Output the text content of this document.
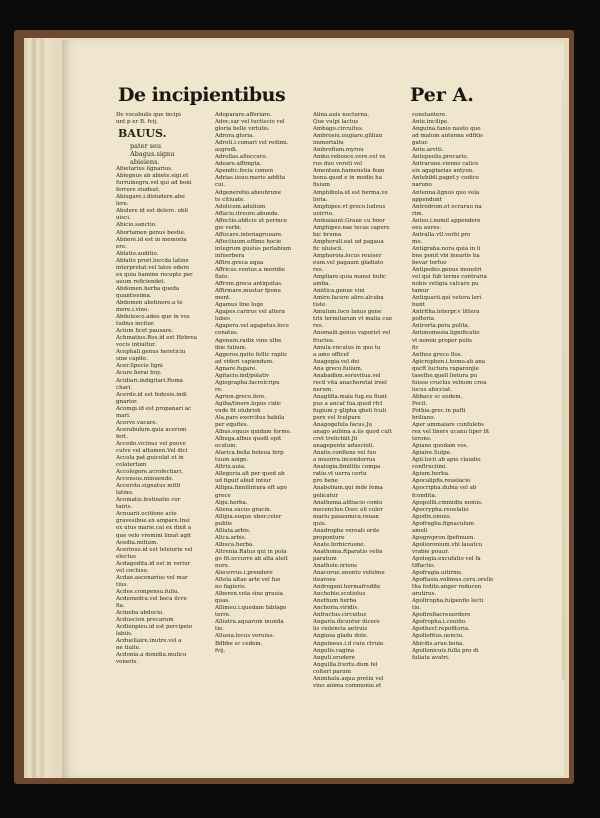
De incipientibus	Per A.
De vocabulis que incipi
unt p er B. fvij.
BAUUS.
pater seu
Abagus.signu
abieiens.
Abietarius lignarius.
Abiegnus ab abiete.sigi.et
furruinegru.vel qui ad boni
ferrere studeat.
Abiugare.i.disiudere.abo
lere.
Abolere id est delere. obli
uisci.
Abicio.sanctio.
Abortamen genus bestie.
Abiiere.id est in memoria
ere.
Ablatio.auditio.
Ablatio prori.loccda latine
interpretat.vel latos odere
ex quia hamine recepte per
auum reficiendet.
Abdomen.herba queda
quantissima.
Abdomen abstinere.a te
mere.i.vino.
Abdolesco.adeo que in vos
tudius incitur.
Acium licet pausare.
Achmatius.Ros.id est Hebrea
vocis intiuitur.
Acephali.genus hereticiu
sine capite.
Acer.Specie ligni
Acare.herai buy.
Acidiari.indigitari.Roma
chari.
Acerdo.id est fedosie.indi
gnarior.
Acomgi.id est propanari ac
mari.
Acerve.vacare.
Acerabulum.quia acerum
fert.
Accedo.vicinus vel pouve
culve vel attamen.Vel dici
Accola pat.guicolat et in
colatertam
Accolegore.acrofectiari.
Accensus.minuendo.
Accersto.signatus mitti
latino.
Acomatis.festinatio cor
tairis.
Acnuarii.ocitione acie
gravesibue.ex ampare.Insi
ex utus marie.cai ex dixit a
que velo vremini limat agit
Acedia.mitium.
Acerinus.id est teleiorie vel
electus
Acdagodita.id est in veriur
vel cocluso.
Acdae.ascenarius vel mar
tius.
Acdee.compensu.fuliu.
Acdemedra.vel boca ilcre
fia.
Acineba abducio.
Acduscion precarum
Acdienpieu.id est percipeio
labiis.
Acduellaire.inutre.vel a
ne tiuile.
Acdonia.a donidia.mulico
veneris.
Adoparare.afferiare.
Adoc.sar vel tuctiscio vel
gloria belle virtulis.
Adrora.gloria.
Adroti.i.comari vel redimi.
asgredi.
Adrollas.afloccuro.
Adeare.affimpta.
Apendic.focia comen
Adrias.iisuo.mario addita
cui.
Adgeneretio.abeubrune
te citiuate.
Adolicem.adulium
Affacio.itreure.abunde.
Affectio.abficio ut perince
gio verbi.
Affucare.interiagruuare.
Affectiuum.effimo hocie
integrum gustus perlabium
infuerbera
Affire.greca aqua
Affricus.ventus.a meridie
flato.
Affrom.greca antiquitas.
Affirmare.mustur fponu
ment.
Agamus line lugo
Agapes.carirus vel altera
lubes
Agapera.vel agapetus.loco
cenatus.
Agenum.radix vino ulbe
ibie fulium.
Aggeros.quito fellic raplic
ad videri capiendum.
Agnare.fugare.
Agitacio.ind/polativ
Agiographa.facrelcripu
re.
Agrion.grece.fere.
Agiba/tinere.lopus cidic
vude fit olubrish
Ala.pars exercitus babila
per equites.
Albus.equus quidam forme.
Albuga.albus quodi opit
oculum.
Alarica.bella boleua ferp
tuum aoigo.
Altrix.auia.
Allegoria.alt per quod ab
ud figuif aliud intiur
Allipia.finnilintura eft apo
grece
Algu.herba.
Aliena.sucus gracin.
Allipia.eoquo ubor.celer
publis
Alliata.arbis.
Alica.arbis.
Albuca.herba.
Altrenia.Ratus qui in pola
go fit.occurre ab alta aleit
nure.
Alecerrus.i.prendere
Altela altae arte vel fue
no fagieris.
Alberen.vola sine grauia
quas.
Allimeu.i.quedam fablago
terre.
Alliutra.aquarum inunda
tio.
Allusia.locus veruius.
Bdbbe sc cedem.
fvij.
Alina.auis nocturna.
Que vulpi lactus
Ambago.circuitus.
Ambrosiu.uugiare.gliliun
immortaliu
Ambrofium.myrou
Ambo.vebooce.vere.vel ve
rus duo vereti vel
Amentum.hamenstia fean
bonu.quod e in medio ha
fisium
Amphibola.id est herma.ve
loria.
Amphipes.vt greco.ludeus
uoirrio.
Ambaiaunt.Graue cu boor
Amphipes.nae tecas capere
bic bruma
Amphoruli.eat ud pagaua
fic uluiscii.
Amphoroia.locus reuiser
eum.vel pagaum gladiato
res.
Ampliare.quia mansi hubc
amfia.
Amitica.genus vini
Amire.facere aliro.alcuba
tiste.
Amulum.loco lanus gene
trix termitarum vt malia cue
res.
Anomalii.genus vaporist vel
fructus.
Amula.vnculus in quo tu
a amo officef
Anagogia.vel dei
Ana greco.fuiium.
Anabadion.soruvitua.vel
recil vita anachoretal ireel
nerum.
Anaglifia.mala fug.ea fiunt
pus a ancaf fua.quod rfcl
fugium.y glipha qbeli fculi
pere vel fculpure
Anagogefula facus.Ju
anago aubina a.iis quod cult
cret trelichiit.Jii
anagepente aduscioli.
Anatis.conflens vel fuo
a musirra.incendorrus
Analogia.fimilitis compa
ratio.vt uerra certu
pro bene
Anabolium.qui inde fema
gelicatur
Anathema.alitiacio conto
mecenclue.Osec eli culer
mariu pasaumica.reuan
quis.
Anadrophe veroati orde
proponture
Anate.ferbicruone.
Anathoma.ftparatio velte
paratum
Anathole.oriens
Anacorue.unonto vefelmu
itearoes
Androgeni.hermafrodite
Anchobio.scotiolus
Anethum herba
Anchoria.viridis.
Anfractus.circuitus
Angaria.dicuntur dicere
lis violencia aetruis
Angiosa gladu dole.
Anguineus.i.d cuiu ctruie.
Angulis.vagina
Anguli.erudere
Anguilla.fcertu.dum fel
colteri parum
Animhalu.aqua pretiu vel
vino anima commonie.et
constantere.
Ante.incilipe.
Anguina.fanio nauto quo
ad malum antenna edfitis
gatur.
Ante.arvtti.
Antepeolis.procario.
Antrarune.viennz calice
eix agaptarias antyon.
Antebibli.pagef.y codice
naruno
Antenna.lignus quo vela
appendunt
Antrodrom.et ecraruo na
rim.
Anteo.i.nomil appendere
eeu aures.
Antralla.vtl.verbi pro
mo.
Antigraha.nora quia in li
bne ponit vbi ineariis ha
bevar torfuo
Antipodes.genus monstri
vel qui fub terms contraria
nobis vetigia calcare pu
tamur
Antiquarii.qui vetera leri
bunt
Antritha.interpr.v littera
pofteria
Antrorta.pera polita.
Antonomesia.lignificatio
vt nomin proper polis
fic
Anthos greco flos.
Apicrephon.i.homo.ab ana
qucft luctura raparonjie
tasethe.quell lietura pu
fuisse cruclus velnom crea
locus abicciat.
Abbace sc eodem.
Pocil.
Pothia.grec.in pafti
briliano.
Aper ammaiare cunfulebs
rex vel liners ucanu liper lit
terons.
Apiane quodam vos.
Apiaire.Sulpe.
Apii.locii ab apio claudio
conflruciimi.
Apium.herba.
Apocalipfis.reuelacio
Apocripha.dubia vel ab
fcondita.
Apopollii.cmmidiu nomis.
Apocrypha.reuelatio
Apodix.omnis.
Apofraglia.fignaculum
ameli
Apogrepron.fpefinuen.
Apolioronium.vbi lauatcu
vrabie pouur.
Apologia.excufatio vel fa
tiffactio.
Apofragia.uitirms.
Apoftasia.volimus.ceru.orelle
tha fedito.anger reducen
arutirus.
Apoltropha.fulpenfio lecti
tio.
Apofirofiacreuerdere
Apofropha.i.couifio.
Apothecf.repofitoria.
Apollofitus.uencio.
Abicdis.arue.bona.
Apollonicuis.fulla pro di
fuliata avatri.
